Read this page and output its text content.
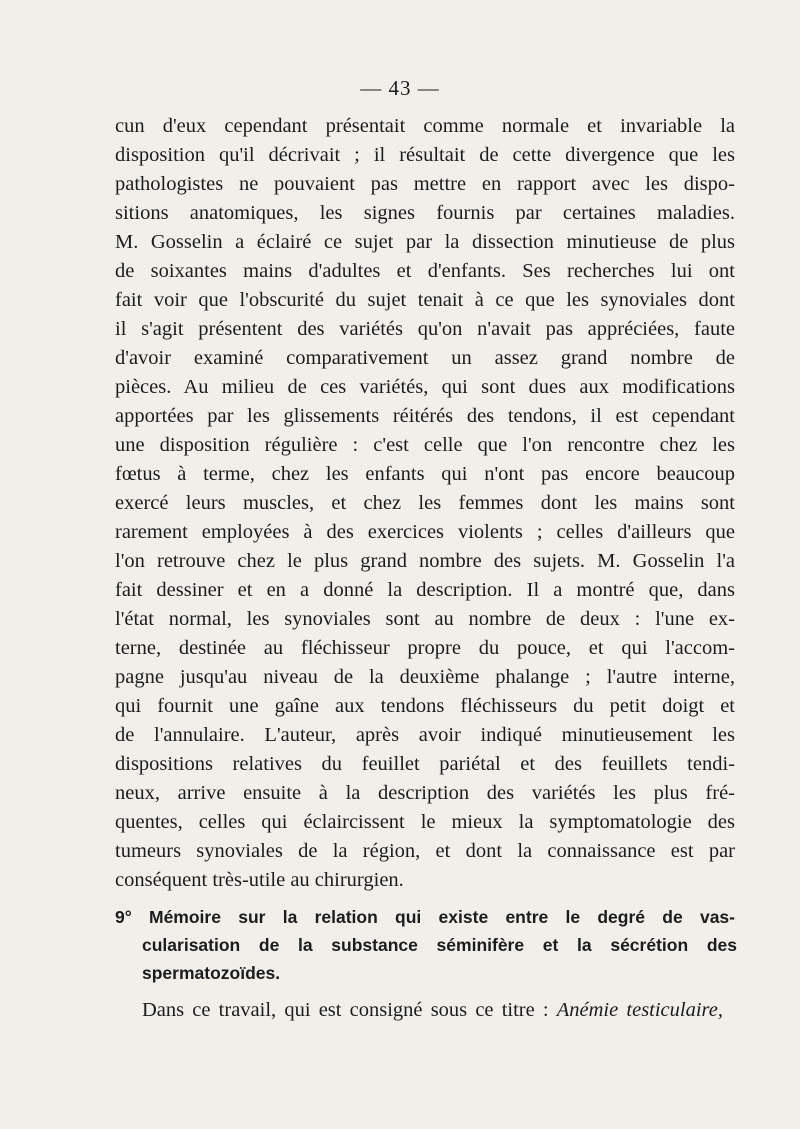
— 43 —
cun d'eux cependant présentait comme normale et invariable la
disposition qu'il décrivait ; il résultait de cette divergence que les
pathologistes ne pouvaient pas mettre en rapport avec les dispo-
sitions anatomiques, les signes fournis par certaines maladies.
M. Gosselin a éclairé ce sujet par la dissection minutieuse de plus
de soixantes mains d'adultes et d'enfants. Ses recherches lui ont
fait voir que l'obscurité du sujet tenait à ce que les synoviales dont
il s'agit présentent des variétés qu'on n'avait pas appréciées, faute
d'avoir examiné comparativement un assez grand nombre de
pièces. Au milieu de ces variétés, qui sont dues aux modifications
apportées par les glissements réitérés des tendons, il est cependant
une disposition régulière : c'est celle que l'on rencontre chez les
fœtus à terme, chez les enfants qui n'ont pas encore beaucoup
exercé leurs muscles, et chez les femmes dont les mains sont
rarement employées à des exercices violents ; celles d'ailleurs que
l'on retrouve chez le plus grand nombre des sujets. M. Gosselin l'a
fait dessiner et en a donné la description. Il a montré que, dans
l'état normal, les synoviales sont au nombre de deux : l'une ex-
terne, destinée au fléchisseur propre du pouce, et qui l'accom-
pagne jusqu'au niveau de la deuxième phalange ; l'autre interne,
qui fournit une gaîne aux tendons fléchisseurs du petit doigt et
de l'annulaire. L'auteur, après avoir indiqué minutieusement les
dispositions relatives du feuillet pariétal et des feuillets tendi-
neux, arrive ensuite à la description des variétés les plus fré-
quentes, celles qui éclaircissent le mieux la symptomatologie des
tumeurs synoviales de la région, et dont la connaissance est par
conséquent très-utile au chirurgien.
9° Mémoire sur la relation qui existe entre le degré de vas-
cularisation de la substance séminifère et la sécrétion des
spermatozoïdes.
Dans ce travail, qui est consigné sous ce titre : Anémie testiculaire,
